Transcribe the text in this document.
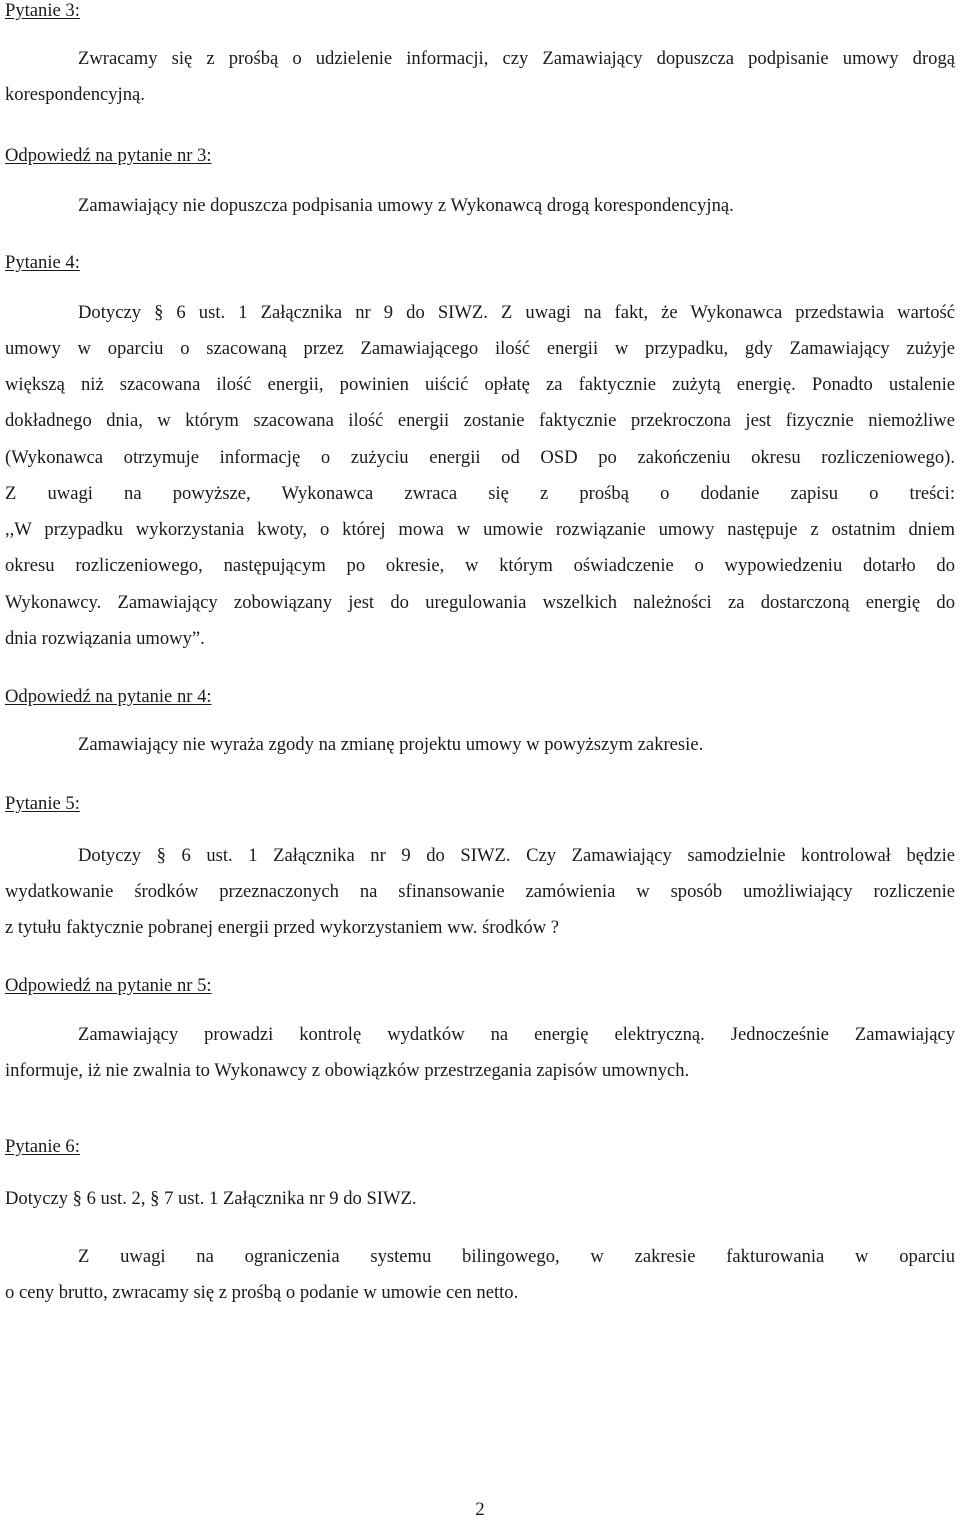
Pytanie 3:
Zwracamy się z prośbą o udzielenie informacji, czy Zamawiający dopuszcza podpisanie umowy drogą
korespondencyjną.
Odpowiedź na pytanie nr 3:
Zamawiający nie dopuszcza podpisania umowy z Wykonawcą drogą korespondencyjną.
Pytanie 4:
Dotyczy § 6 ust. 1 Załącznika nr 9 do SIWZ. Z uwagi na fakt, że Wykonawca przedstawia wartość
umowy w oparciu o szacowaną przez Zamawiającego ilość energii w przypadku, gdy Zamawiający zużyje
większą niż szacowana ilość energii, powinien uiścić opłatę za faktycznie zużytą energię. Ponadto ustalenie
dokładnego dnia, w którym szacowana ilość energii zostanie faktycznie przekroczona jest fizycznie niemożliwe
(Wykonawca otrzymuje informację o zużyciu energii od OSD po zakończeniu okresu rozliczeniowego).
Z uwagi na powyższe, Wykonawca zwraca się z prośbą o dodanie zapisu o treści:
,,W przypadku wykorzystania kwoty, o której mowa w umowie rozwiązanie umowy następuje z ostatnim dniem
okresu rozliczeniowego, następującym po okresie, w którym oświadczenie o wypowiedzeniu dotarło do
Wykonawcy. Zamawiający zobowiązany jest do uregulowania wszelkich należności za dostarczoną energię do
dnia rozwiązania umowy”.
Odpowiedź na pytanie nr 4:
Zamawiający nie wyraża zgody na zmianę projektu umowy w powyższym zakresie.
Pytanie 5:
Dotyczy § 6 ust. 1 Załącznika nr 9 do SIWZ. Czy Zamawiający samodzielnie kontrolował będzie
wydatkowanie środków przeznaczonych na sfinansowanie zamówienia w sposób umożliwiający rozliczenie
z tytułu faktycznie pobranej energii przed wykorzystaniem ww. środków ?
Odpowiedź na pytanie nr 5:
Zamawiający prowadzi kontrolę wydatków na energię elektryczną. Jednocześnie Zamawiający
informuje, iż nie zwalnia to Wykonawcy z obowiązków przestrzegania zapisów umownych.
Pytanie 6:
Dotyczy § 6 ust. 2, § 7 ust. 1 Załącznika nr 9 do SIWZ.
Z uwagi na ograniczenia systemu bilingowego, w zakresie fakturowania w oparciu
o ceny brutto, zwracamy się z prośbą o podanie w umowie cen netto.
2
